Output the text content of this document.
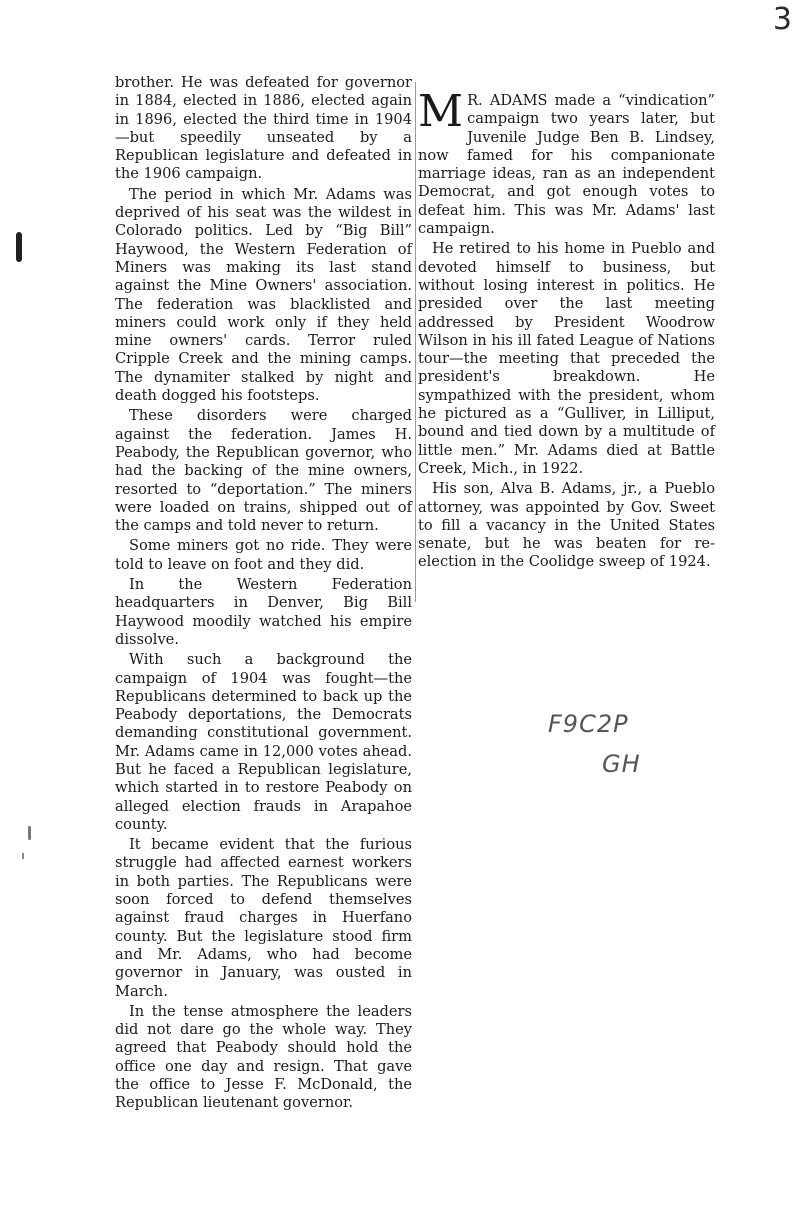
3

brother. He was defeated for governor in 1884, elected in 1886, elected again in 1896, elected the third time in 1904 —but speedily unseated by a Republican legislature and defeated in the 1906 campaign.

The period in which Mr. Adams was deprived of his seat was the wildest in Colorado politics. Led by “Big Bill” Haywood, the Western Federation of Miners was making its last stand against the Mine Owners' association. The federation was blacklisted and miners could work only if they held mine owners' cards. Terror ruled Cripple Creek and the mining camps. The dynamiter stalked by night and death dogged his footsteps.

These disorders were charged against the federation. James H. Peabody, the Republican governor, who had the backing of the mine owners, resorted to “deportation.” The miners were loaded on trains, shipped out of the camps and told never to return.

Some miners got no ride. They were told to leave on foot and they did.

In the Western Federation headquarters in Denver, Big Bill Haywood moodily watched his empire dissolve.

With such a background the campaign of 1904 was fought—the Republicans determined to back up the Peabody deportations, the Democrats demanding constitutional government. Mr. Adams came in 12,000 votes ahead. But he faced a Republican legislature, which started in to restore Peabody on alleged election frauds in Arapahoe county.

It became evident that the furious struggle had affected earnest workers in both parties. The Republicans were soon forced to defend themselves against fraud charges in Huerfano county. But the legislature stood firm and Mr. Adams, who had become governor in January, was ousted in March.

In the tense atmosphere the leaders did not dare go the whole way. They agreed that Peabody should hold the office one day and resign. That gave the office to Jesse F. McDonald, the Republican lieutenant governor.

M R. ADAMS made a “vindication” campaign two years later, but Juvenile Judge Ben B. Lindsey, now famed for his companionate marriage ideas, ran as an independent Democrat, and got enough votes to defeat him. This was Mr. Adams' last campaign.

He retired to his home in Pueblo and devoted himself to business, but without losing interest in politics. He presided over the last meeting addressed by President Woodrow Wilson in his ill fated League of Nations tour—the meeting that preceded the president's breakdown. He sympathized with the president, whom he pictured as a “Gulliver, in Lilliput, bound and tied down by a multitude of little men.” Mr. Adams died at Battle Creek, Mich., in 1922.

His son, Alva B. Adams, jr., a Pueblo attorney, was appointed by Gov. Sweet to fill a vacancy in the United States senate, but he was beaten for re-election in the Coolidge sweep of 1924.

F9C2P
GH
